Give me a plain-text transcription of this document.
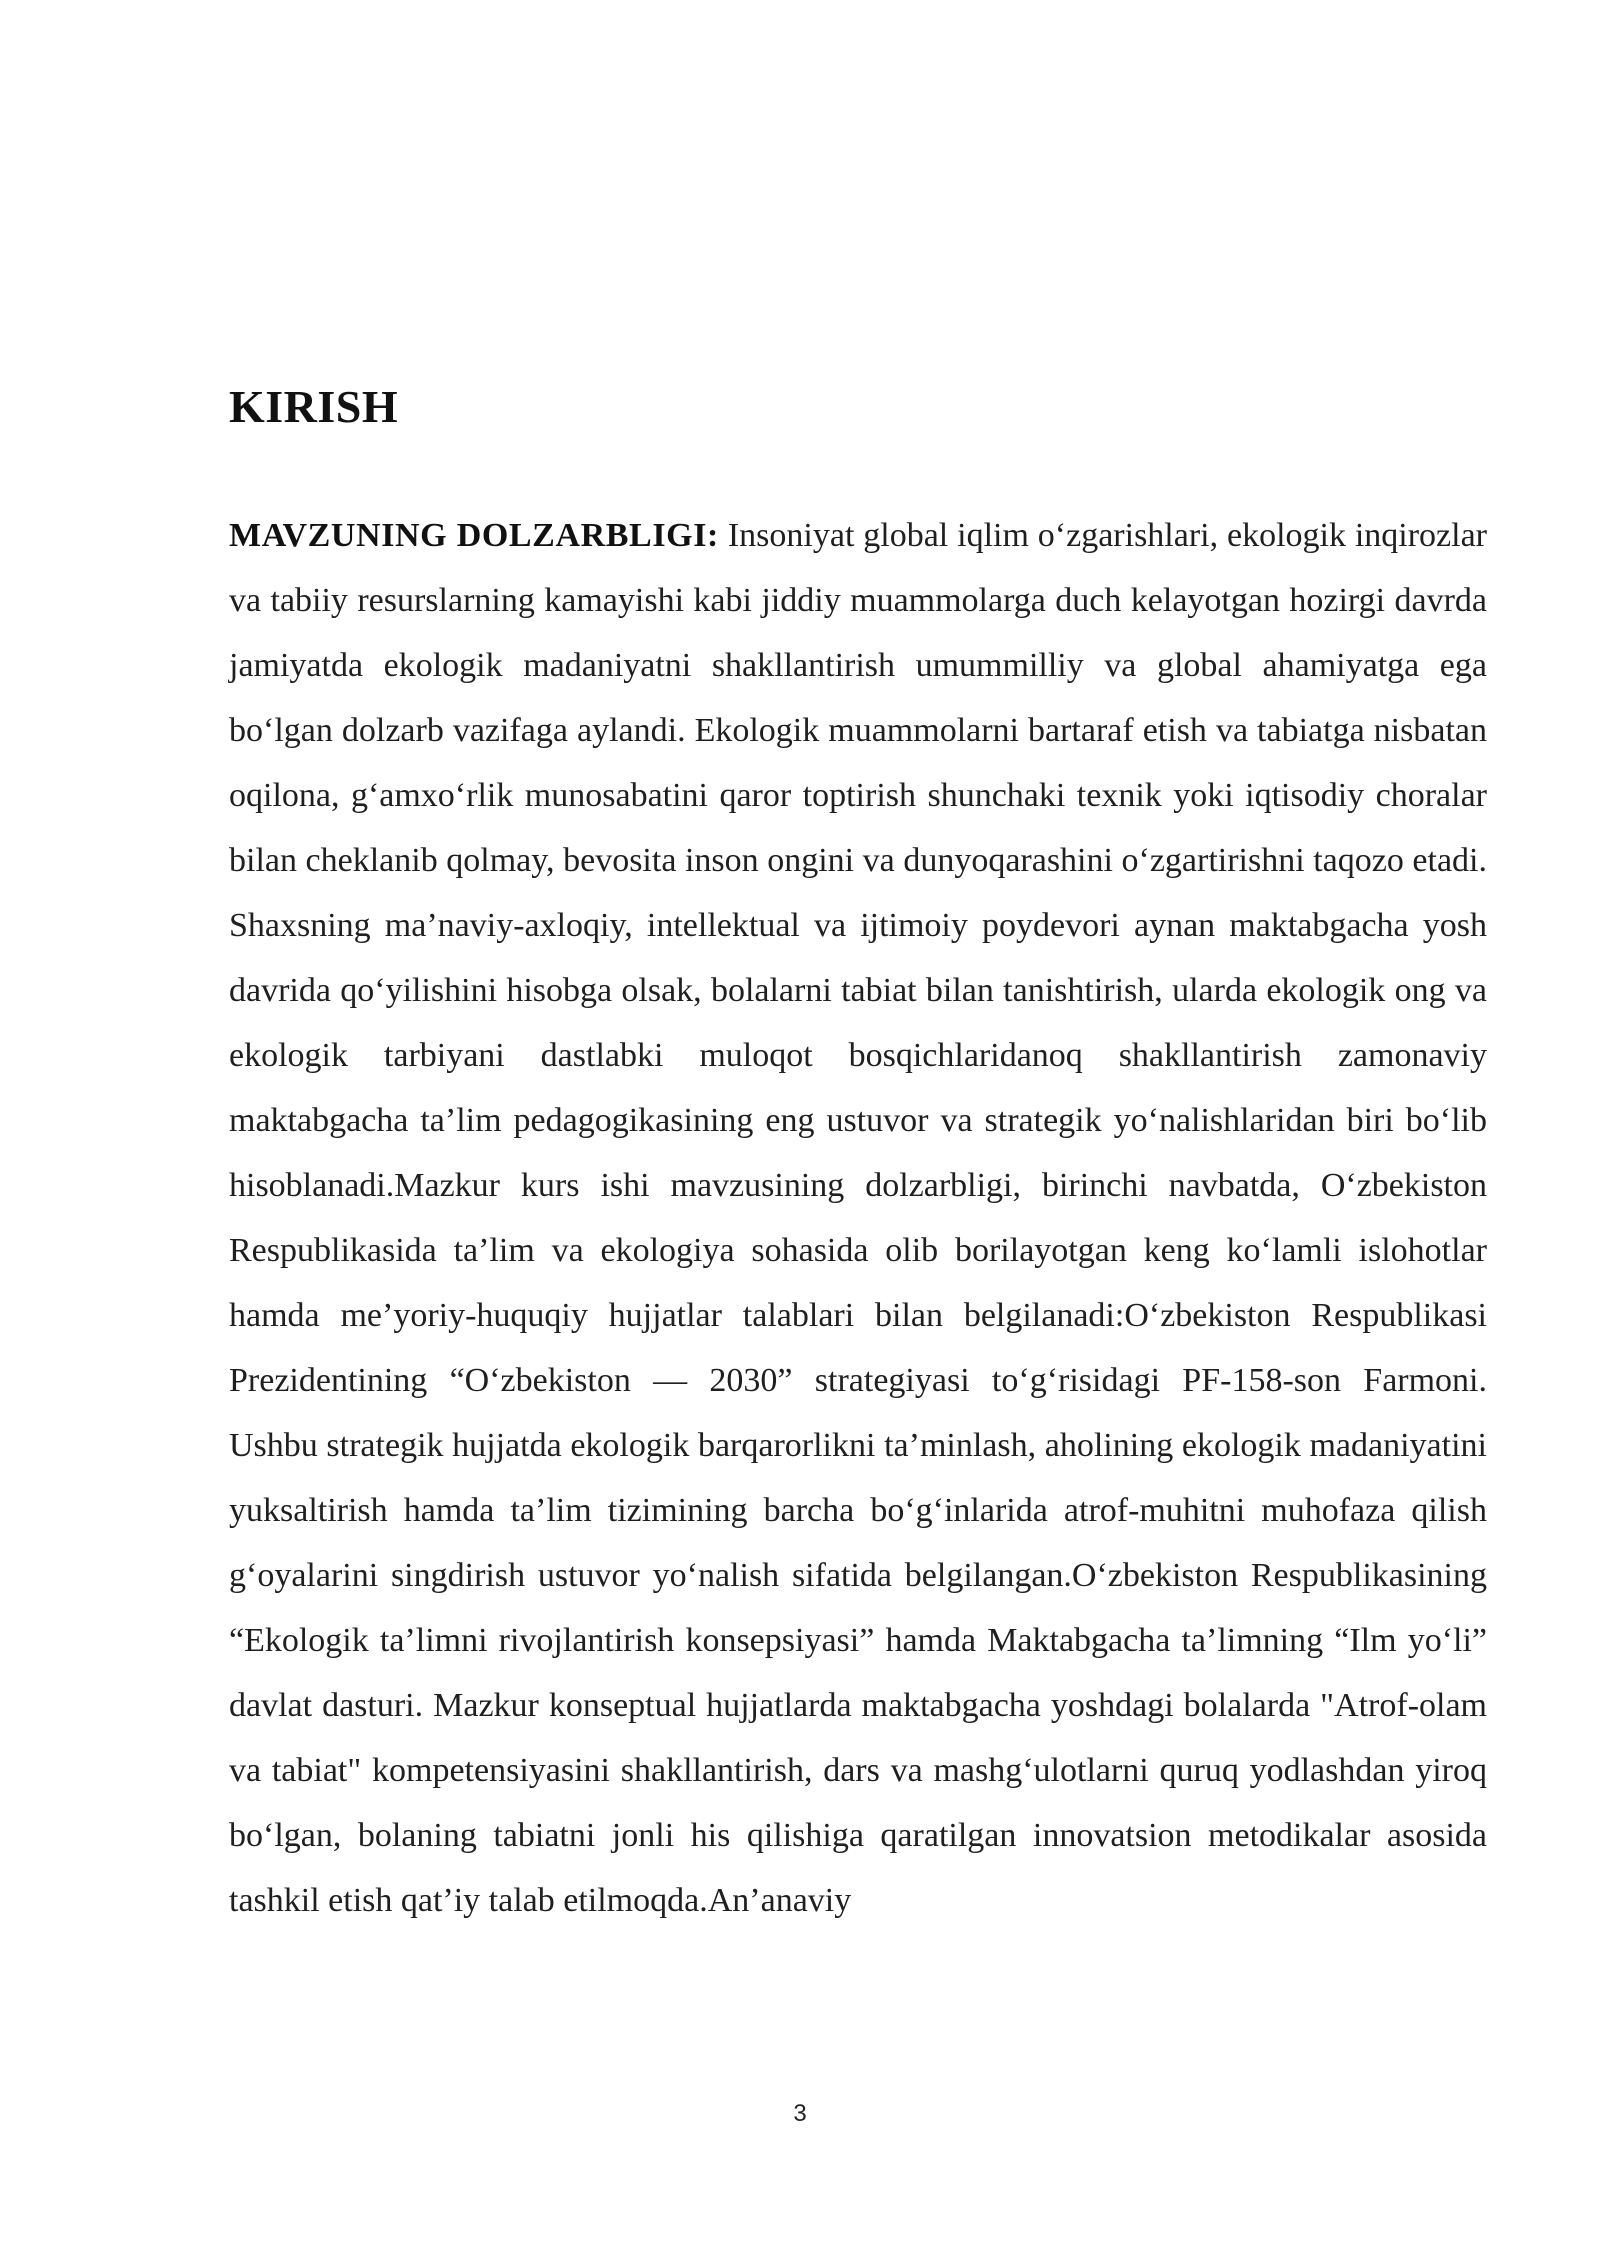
KIRISH

MAVZUNING DOLZARBLIGI: Insoniyat global iqlim o‘zgarishlari, ekologik inqirozlar va tabiiy resurslarning kamayishi kabi jiddiy muammolarga duch kelayotgan hozirgi davrda jamiyatda ekologik madaniyatni shakllantirish umummilliy va global ahamiyatga ega bo‘lgan dolzarb vazifaga aylandi. Ekologik muammolarni bartaraf etish va tabiatga nisbatan oqilona, g‘amxo‘rlik munosabatini qaror toptirish shunchaki texnik yoki iqtisodiy choralar bilan cheklanib qolmay, bevosita inson ongini va dunyoqarashini o‘zgartirishni taqozo etadi. Shaxsning ma’naviy-axloqiy, intellektual va ijtimoiy poydevori aynan maktabgacha yosh davrida qo‘yilishini hisobga olsak, bolalarni tabiat bilan tanishtirish, ularda ekologik ong va ekologik tarbiyani dastlabki muloqot bosqichlaridanoq shakllantirish zamonaviy maktabgacha ta’lim pedagogikasining eng ustuvor va strategik yo‘nalishlaridan biri bo‘lib hisoblanadi.Mazkur kurs ishi mavzusining dolzarbligi, birinchi navbatda, O‘zbekiston Respublikasida ta’lim va ekologiya sohasida olib borilayotgan keng ko‘lamli islohotlar hamda me’yoriy-huquqiy hujjatlar talablari bilan belgilanadi:O‘zbekiston Respublikasi Prezidentining “O‘zbekiston — 2030” strategiyasi to‘g‘risidagi PF-158-son Farmoni. Ushbu strategik hujjatda ekologik barqarorlikni ta’minlash, aholining ekologik madaniyatini yuksaltirish hamda ta’lim tizimining barcha bo‘g‘inlarida atrof-muhitni muhofaza qilish g‘oyalarini singdirish ustuvor yo‘nalish sifatida belgilangan.O‘zbekiston Respublikasining “Ekologik ta’limni rivojlantirish konsepsiyasi” hamda Maktabgacha ta’limning “Ilm yo‘li” davlat dasturi. Mazkur konseptual hujjatlarda maktabgacha yoshdagi bolalarda "Atrof-olam va tabiat" kompetensiyasini shakllantirish, dars va mashg‘ulotlarni quruq yodlashdan yiroq bo‘lgan, bolaning tabiatni jonli his qilishiga qaratilgan innovatsion metodikalar asosida tashkil etish qat’iy talab etilmoqda.An’anaviy

3
